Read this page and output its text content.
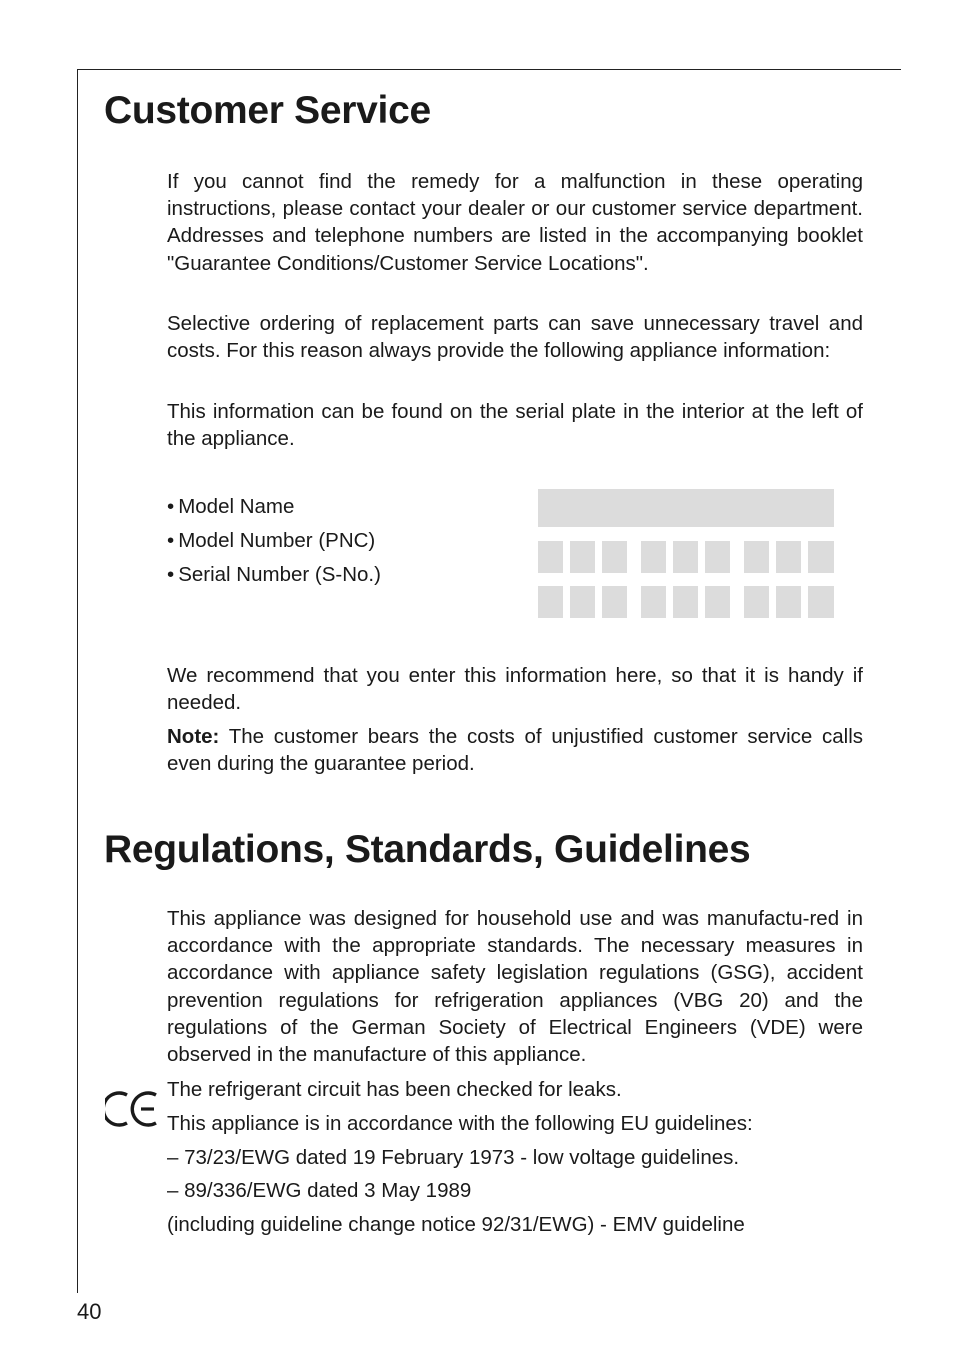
Customer Service

If you cannot find the remedy for a malfunction in these operating instructions, please contact your dealer or our customer service department. Addresses and telephone numbers are listed in the accompanying booklet "Guarantee Conditions/Customer Service Locations".

Selective ordering of replacement parts can save unnecessary travel and costs. For this reason always provide the following appliance information:

This information can be found on the serial plate in the interior at the left of the appliance.

• Model Name
• Model Number (PNC)
• Serial Number (S-No.)

We recommend that you enter this information here, so that it is handy if needed.

Note: The customer bears the costs of unjustified customer service calls even during the guarantee period.

Regulations, Standards, Guidelines

This appliance was designed for household use and was manufactu-red in accordance with the appropriate standards. The necessary measures in accordance with appliance safety legislation regulations (GSG), accident prevention regulations for refrigeration appliances (VBG 20) and the regulations of the German Society of Electrical Engineers (VDE) were observed in the manufacture of this appliance.

The refrigerant circuit has been checked for leaks.
This appliance is in accordance with the following EU guidelines:
– 73/23/EWG dated 19 February 1973 - low voltage guidelines.
– 89/336/EWG dated 3 May 1989
(including guideline change notice 92/31/EWG) - EMV guideline
40
